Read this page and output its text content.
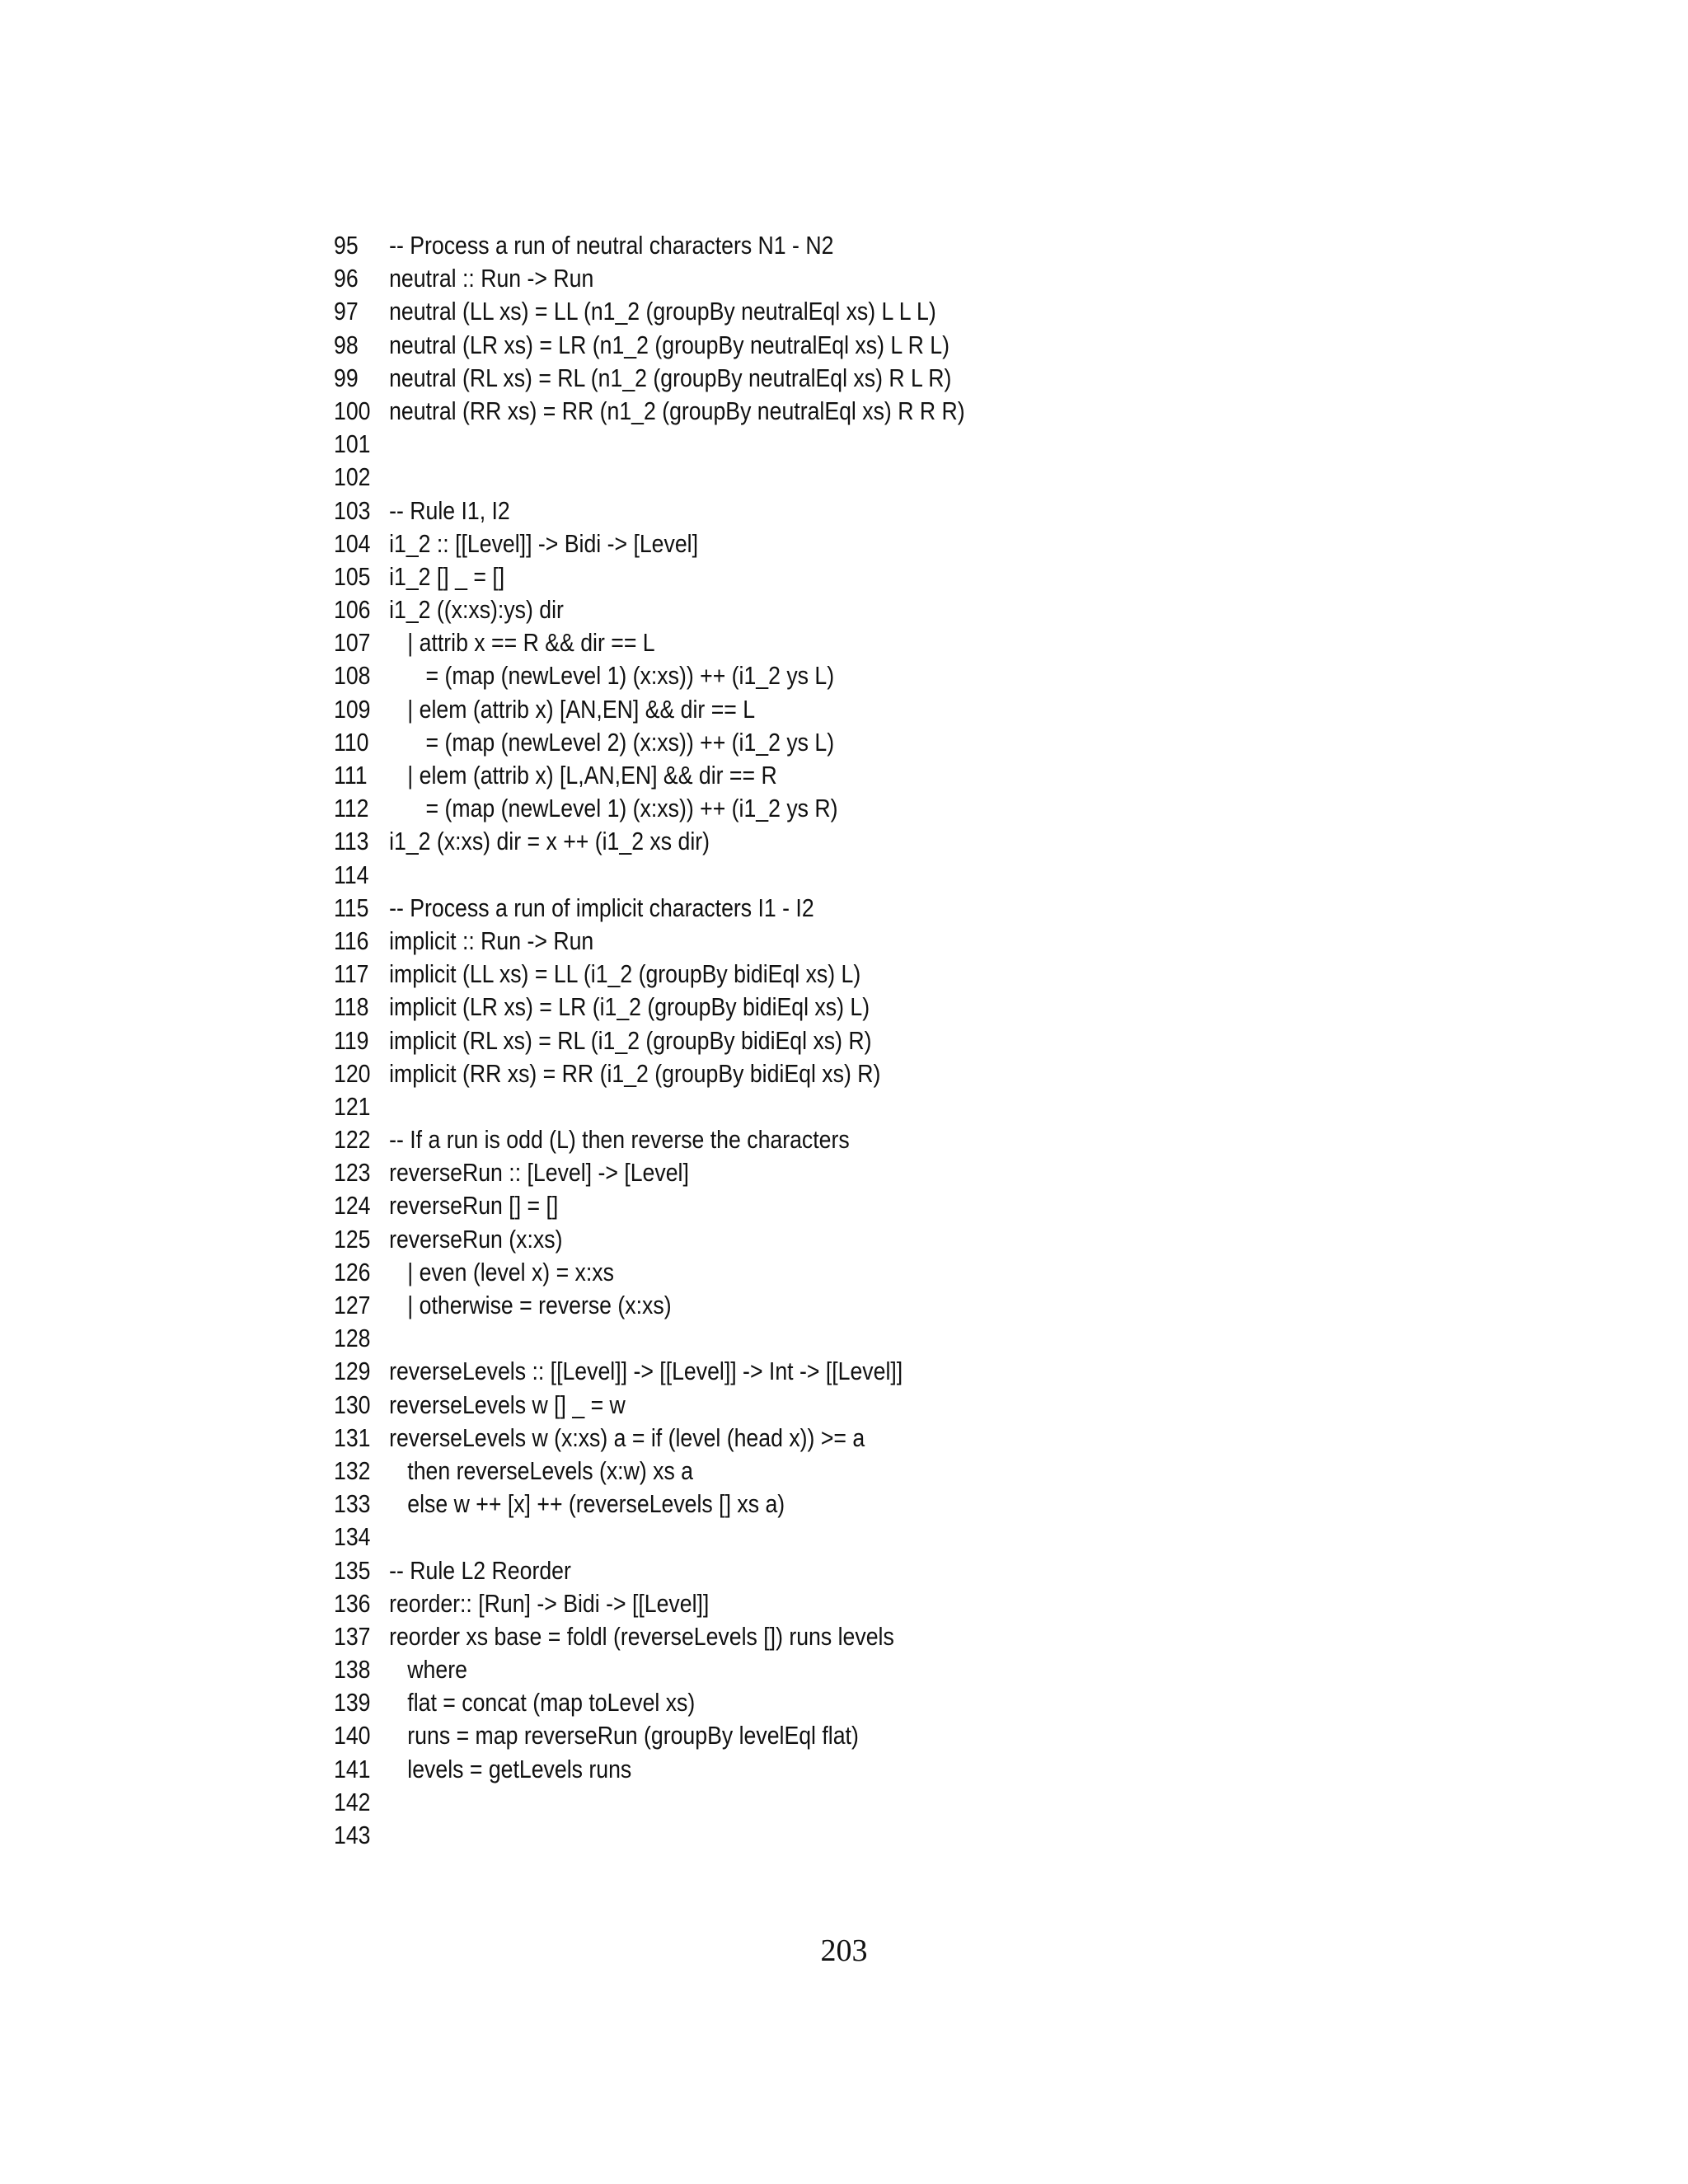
95	-- Process a run of neutral characters N1 - N2
96	neutral :: Run -> Run
97	neutral (LL xs) = LL (n1_2 (groupBy neutralEql xs) L L L)
98	neutral (LR xs) = LR (n1_2 (groupBy neutralEql xs) L R L)
99	neutral (RL xs) = RL (n1_2 (groupBy neutralEql xs) R L R)
100 neutral (RR xs) = RR (n1_2 (groupBy neutralEql xs) R R R)
101
102
103 -- Rule I1, I2
104 i1_2 :: [[Level]] -> Bidi -> [Level]
105 i1_2 [] _ = []
106 i1_2 ((x:xs):ys) dir
107 | attrib x == R && dir == L
108 = (map (newLevel 1) (x:xs)) ++ (i1_2 ys L)
109 | elem (attrib x) [AN,EN] && dir == L
110 = (map (newLevel 2) (x:xs)) ++ (i1_2 ys L)
111 | elem (attrib x) [L,AN,EN] && dir == R
112 = (map (newLevel 1) (x:xs)) ++ (i1_2 ys R)
113 i1_2 (x:xs) dir = x ++ (i1_2 xs dir)
114
115 -- Process a run of implicit characters I1 - I2
116 implicit :: Run -> Run
117 implicit (LL xs) = LL (i1_2 (groupBy bidiEql xs) L)
118 implicit (LR xs) = LR (i1_2 (groupBy bidiEql xs) L)
119 implicit (RL xs) = RL (i1_2 (groupBy bidiEql xs) R)
120 implicit (RR xs) = RR (i1_2 (groupBy bidiEql xs) R)
121
122 -- If a run is odd (L) then reverse the characters
123 reverseRun :: [Level] -> [Level]
124 reverseRun [] = []
125 reverseRun (x:xs)
126 | even (level x) = x:xs
127 | otherwise = reverse (x:xs)
128
129 reverseLevels :: [[Level]] -> [[Level]] -> Int -> [[Level]]
130 reverseLevels w [] _ = w
131 reverseLevels w (x:xs) a = if (level (head x)) >= a
132 then reverseLevels (x:w) xs a
133 else w ++ [x] ++ (reverseLevels [] xs a)
134
135 -- Rule L2 Reorder
136 reorder:: [Run] -> Bidi -> [[Level]]
137 reorder xs base = foldl (reverseLevels []) runs levels
138 where
139 flat = concat (map toLevel xs)
140 runs = map reverseRun (groupBy levelEql flat)
141 levels = getLevels runs
142
143
203
